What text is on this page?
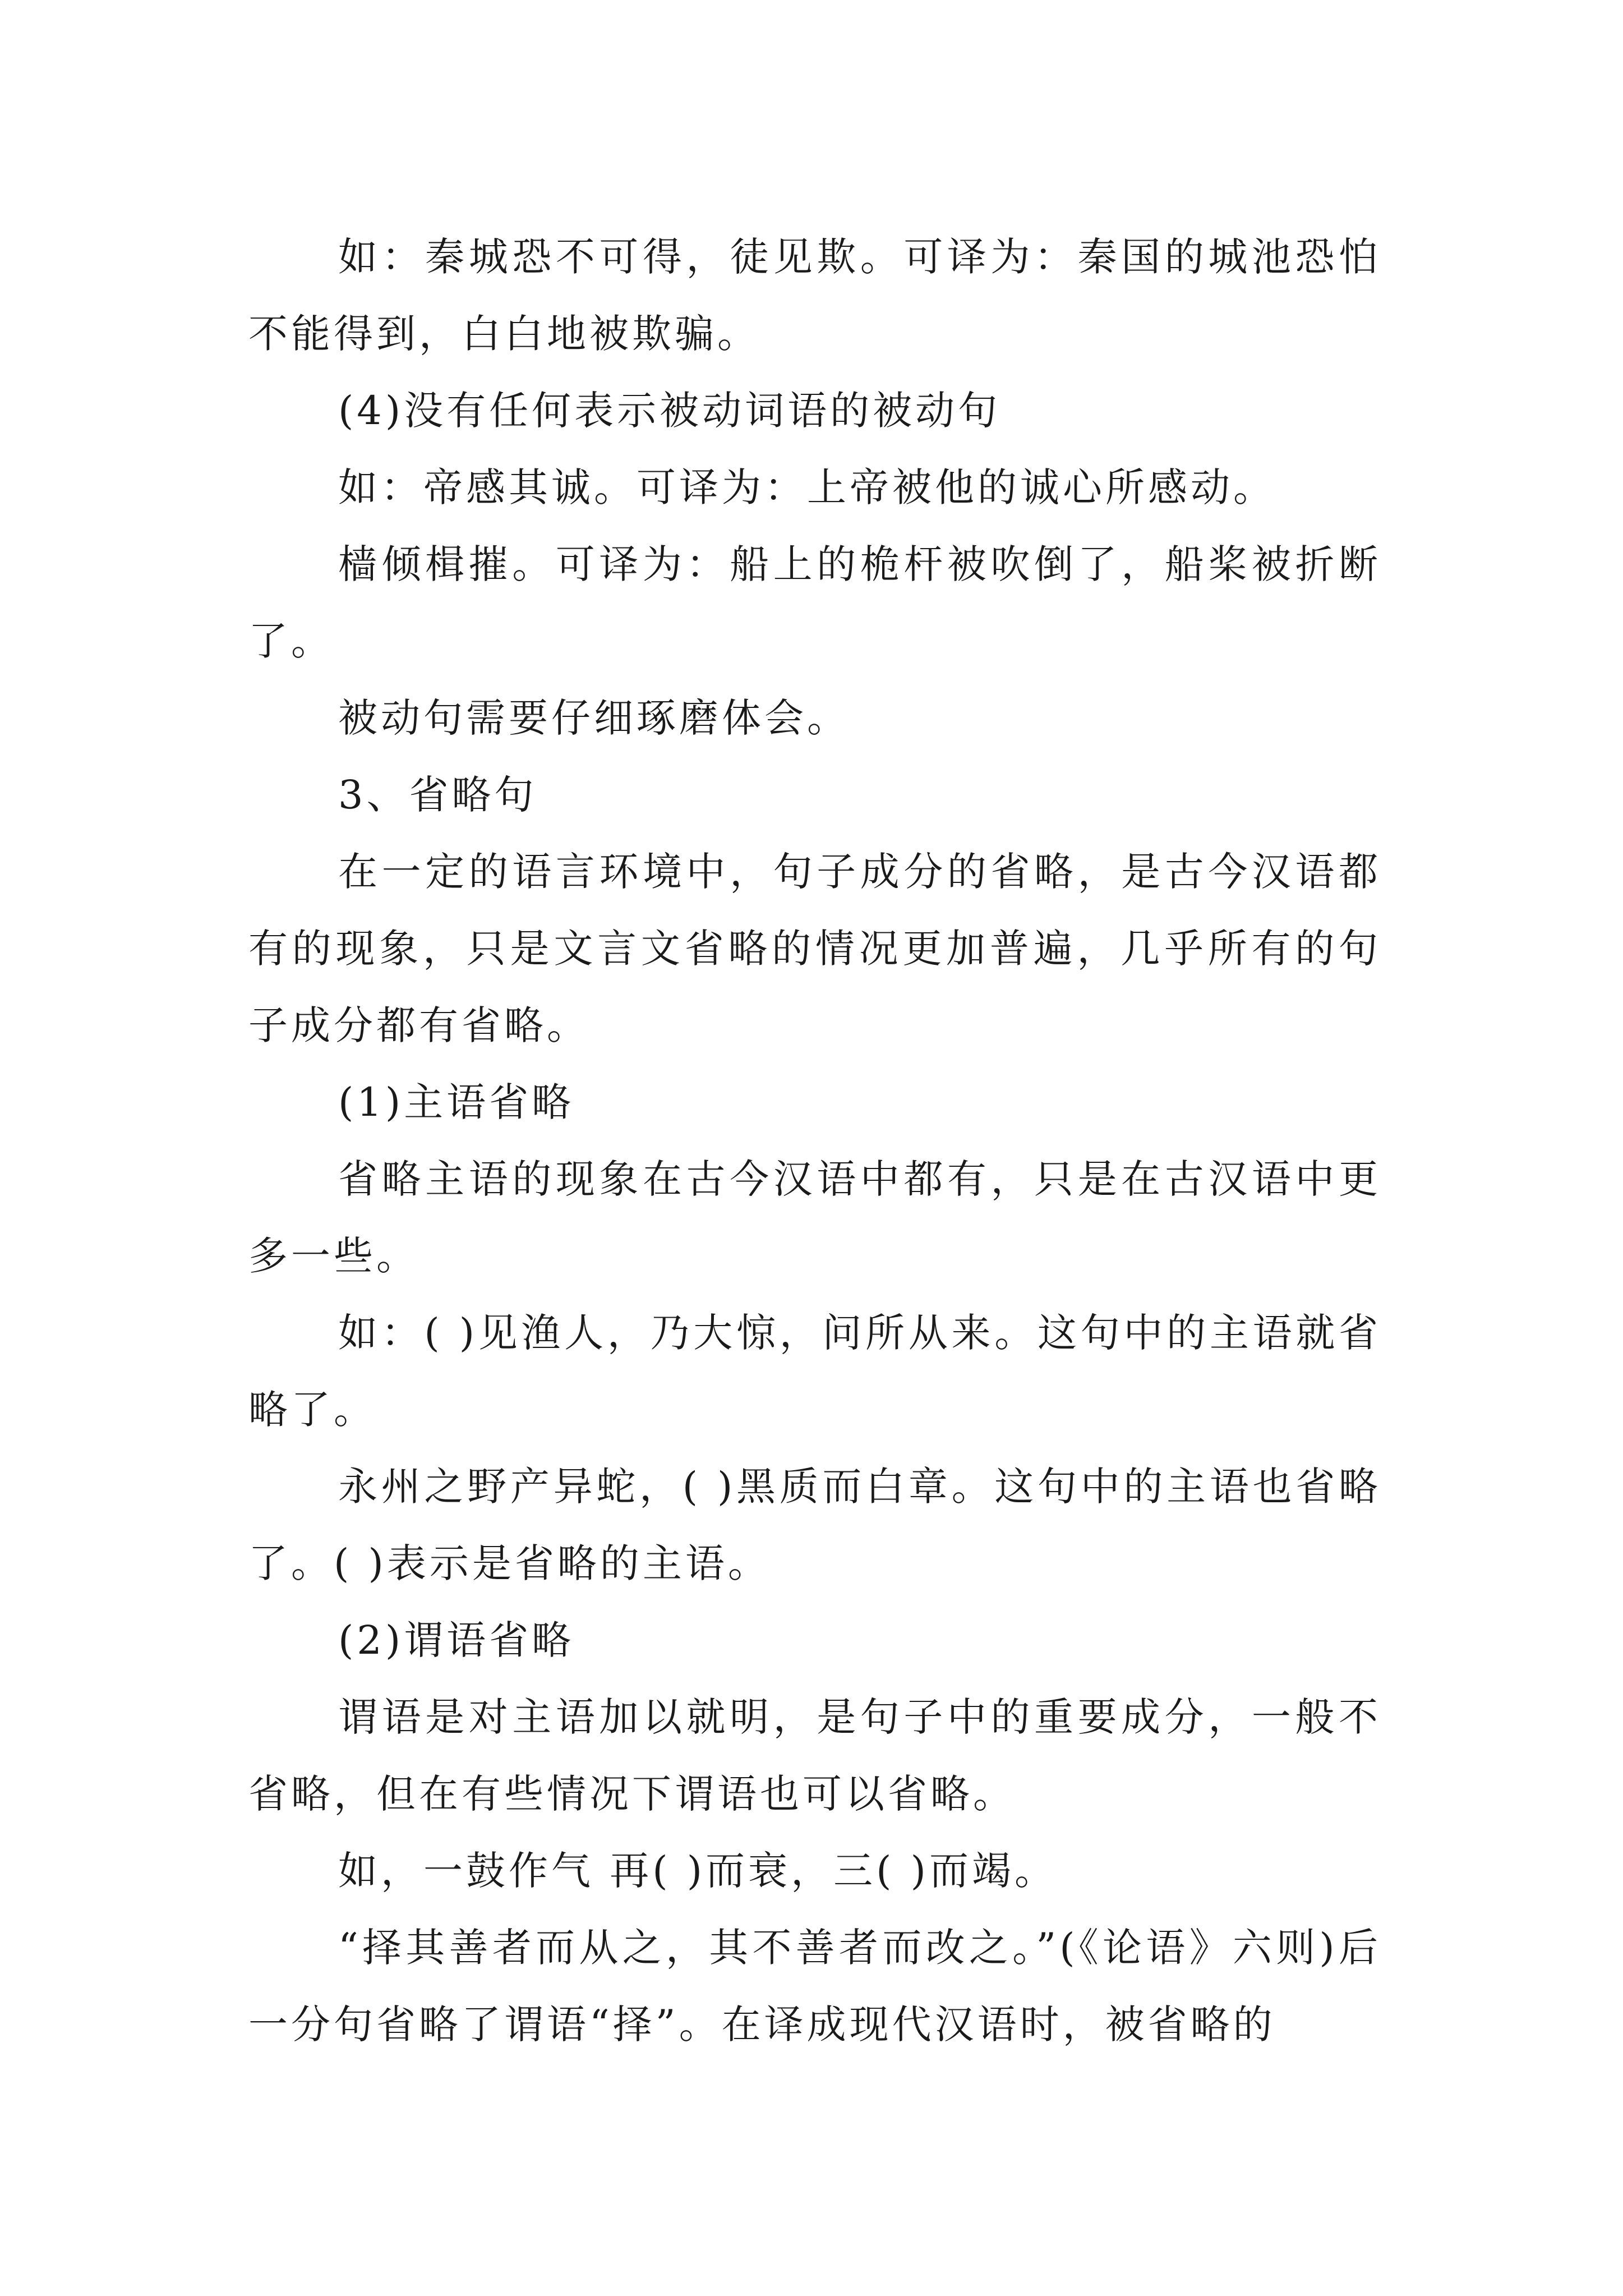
如：秦城恐不可得，徒见欺。可译为：秦国的城池恐怕不能得到，白白地被欺骗。

(4)没有任何表示被动词语的被动句

如：帝感其诚。可译为：上帝被他的诚心所感动。

樯倾楫摧。可译为：船上的桅杆被吹倒了，船桨被折断了。

被动句需要仔细琢磨体会。

3、省略句

在一定的语言环境中，句子成分的省略，是古今汉语都有的现象，只是文言文省略的情况更加普遍，几乎所有的句子成分都有省略。

(1)主语省略

省略主语的现象在古今汉语中都有，只是在古汉语中更多一些。

如：( )见渔人，乃大惊，问所从来。这句中的主语就省略了。

永州之野产异蛇，( )黑质而白章。这句中的主语也省略了。( )表示是省略的主语。

(2)谓语省略

谓语是对主语加以就明，是句子中的重要成分，一般不省略，但在有些情况下谓语也可以省略。

如，一鼓作气 再( )而衰，三( )而竭。

“择其善者而从之，其不善者而改之。”(《论语》六则)后一分句省略了谓语“择”。在译成现代汉语时，被省略的
